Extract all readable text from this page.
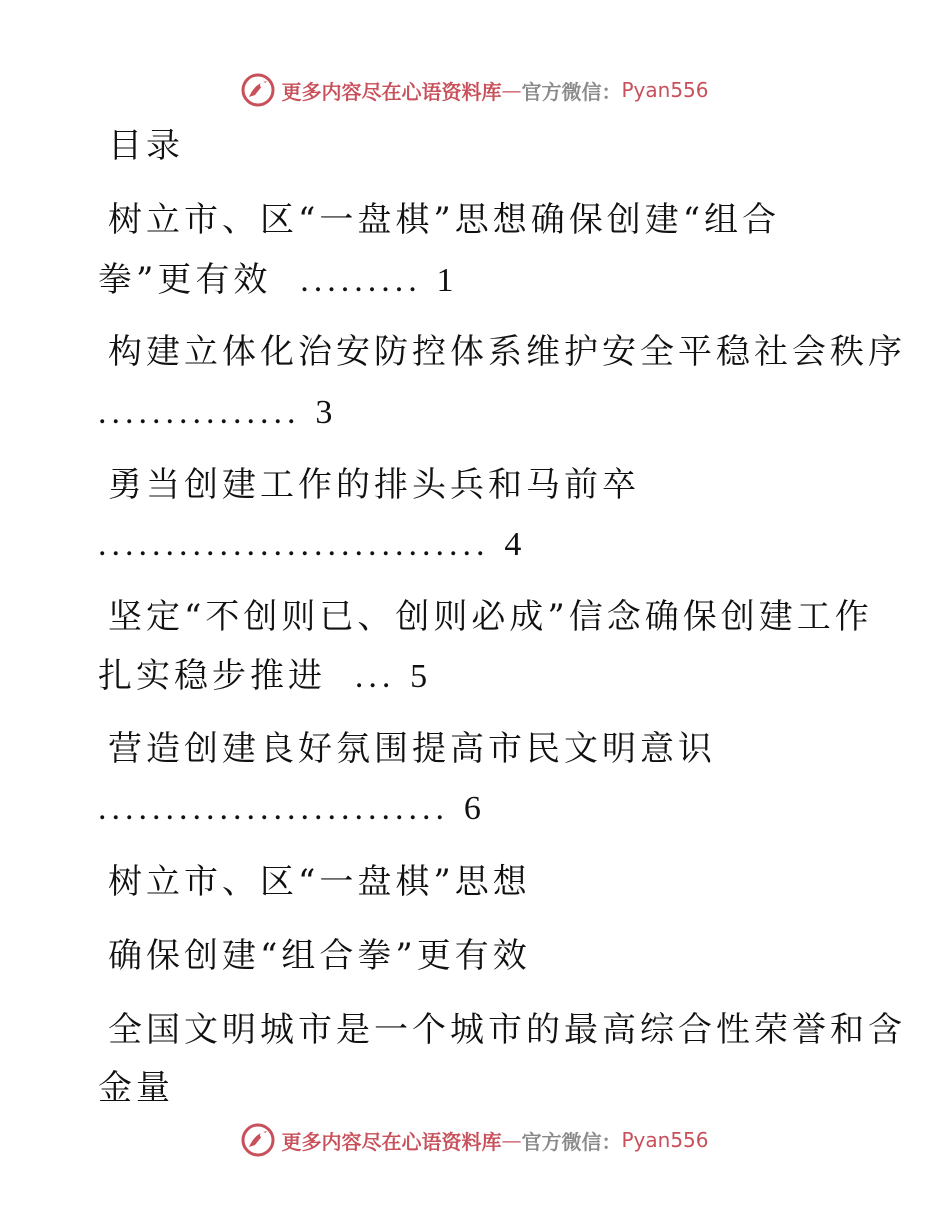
更多内容尽在心语资料库 — 官方微信： Pyan556
目录
树立市、区“一盘棋”思想确保创建“组合
拳”更有效 ......... 1
构建立体化治安防控体系维护安全平稳社会秩序
............... 3
勇当创建工作的排头兵和马前卒
............................. 4
坚定“不创则已、创则必成”信念确保创建工作
扎实稳步推进 ... 5
营造创建良好氛围提高市民文明意识
.......................... 6
树立市、区“一盘棋”思想
确保创建“组合拳”更有效
全国文明城市是一个城市的最高综合性荣誉和含
金量
更多内容尽在心语资料库 — 官方微信： Pyan556
